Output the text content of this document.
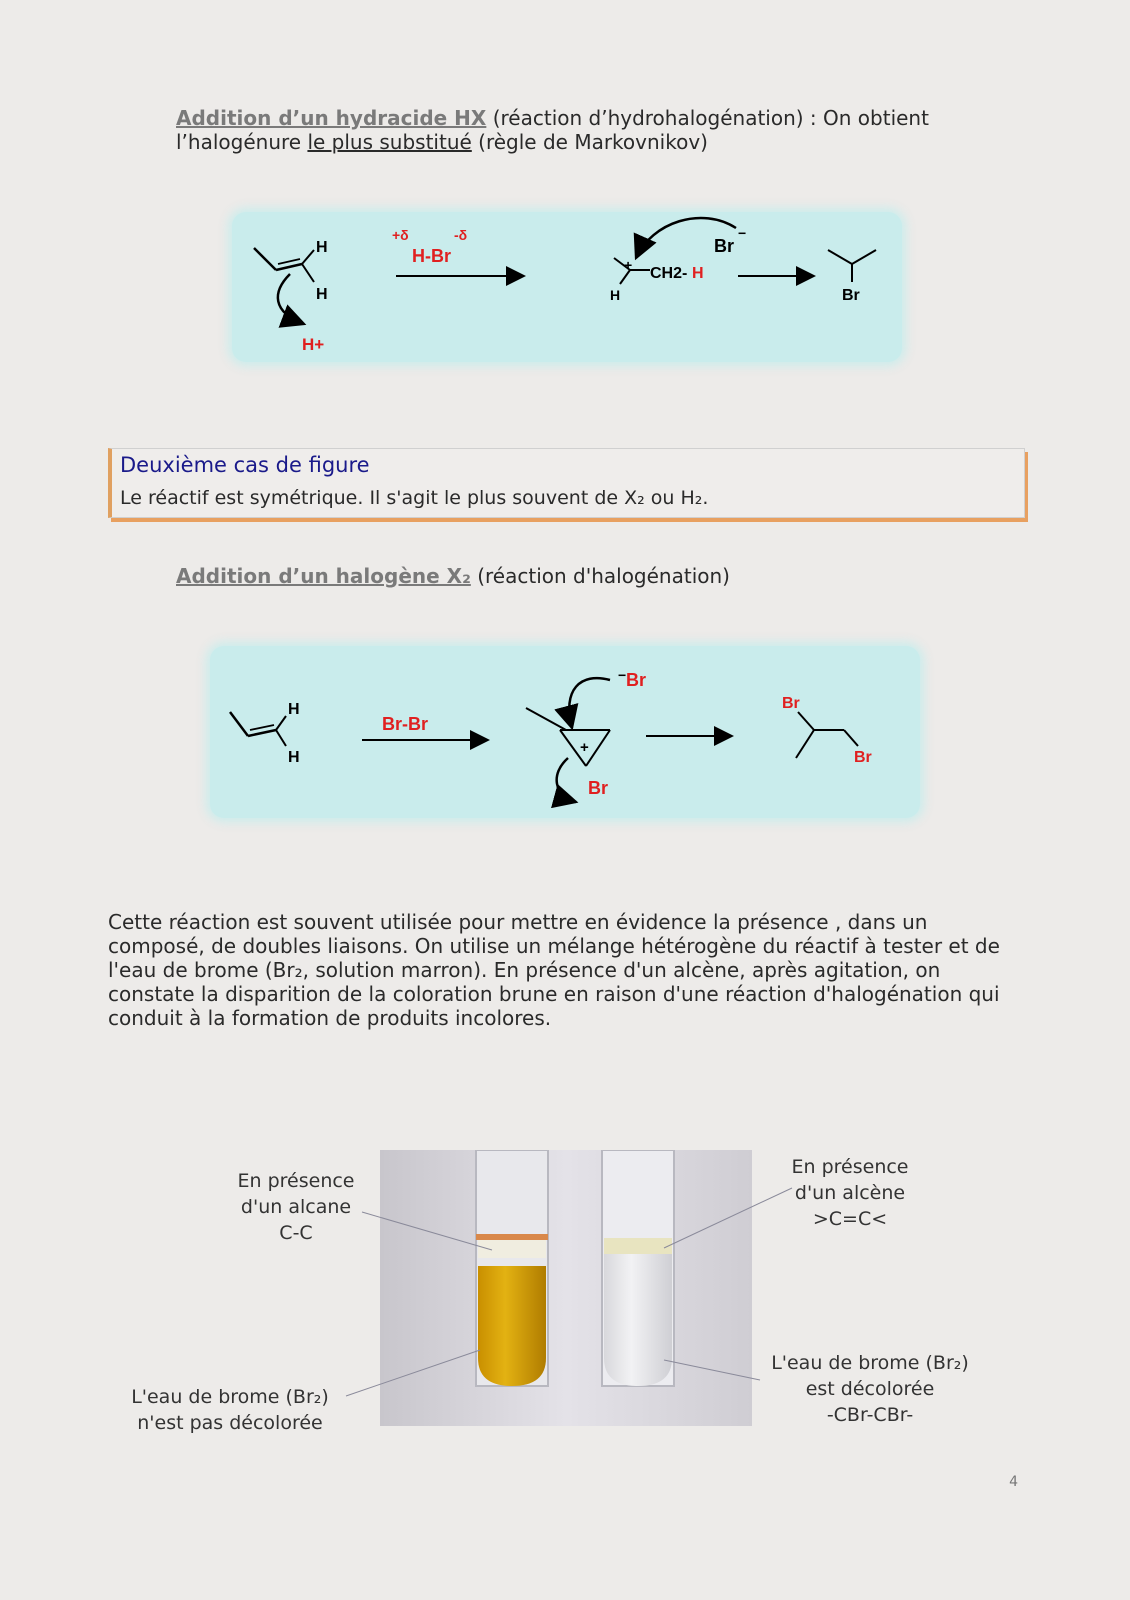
Addition d’un hydracide HX (réaction d’hydrohalogénation) : On obtient
l’halogénure le plus substitué (règle de Markovnikov)
H
H
H+
+δ	-δ
H-Br	+ CH2- H
H
Br
−
Br
Deuxième cas de figure
Le réactif est symétrique. Il s'agit le plus souvent de X₂ ou H₂.
Addition d’un halogène X₂ (réaction d'halogénation)
H
H
Br-Br
+
Br
− Br
Br
Br
Cette réaction est souvent utilisée pour mettre en évidence la présence , dans un composé, de doubles liaisons. On utilise un mélange hétérogène du réactif à tester et de l'eau de brome (Br₂, solution marron). En présence d'un alcène, après agitation, on constate la disparition de la coloration brune en raison d'une réaction d'halogénation qui conduit à la formation de produits incolores.
En présence
d'un alcane
C-C
En présence
d'un alcène
>C=C<
L'eau de brome (Br₂)
n'est pas décolorée
L'eau de brome (Br₂)
est décolorée
-CBr-CBr-
4
